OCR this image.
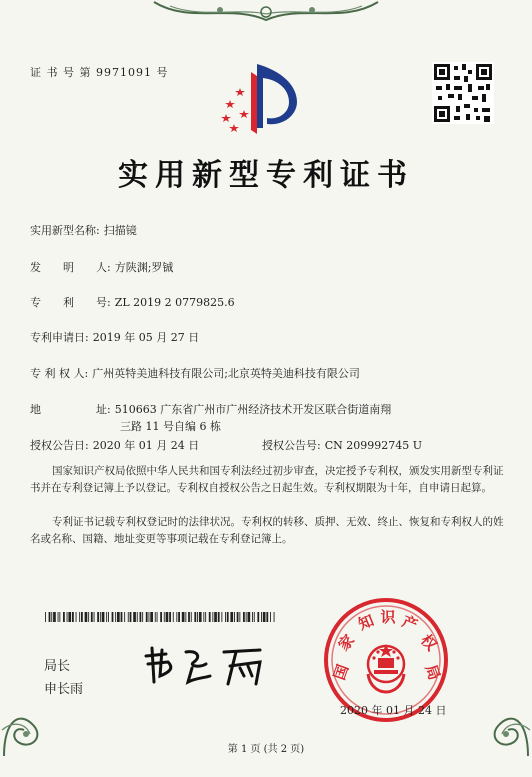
证 书 号 第 9971091 号
实用新型专利证书
实用新型名称: 扫描镜
发　　明　　人: 方陕渊;罗铖
专　　利　　号: ZL 2019 2 0779825.6
专利申请日: 2019 年 05 月 27 日
专 利 权 人: 广州英特美迪科技有限公司;北京英特美迪科技有限公司
地　　　　　址: 510663 广东省广州市广州经济技术开发区联合街道南翔
三路 11 号自编 6 栋
授权公告日: 2020 年 01 月 24 日	授权公告号: CN 209992745 U
国家知识产权局依照中华人民共和国专利法经过初步审查，决定授予专利权，颁发实用新型专利证书并在专利登记簿上予以登记。专利权自授权公告之日起生效。专利权期限为十年，自申请日起算。
专利证书记载专利权登记时的法律状况。专利权的转移、质押、无效、终止、恢复和专利权人的姓名或名称、国籍、地址变更等事项记载在专利登记簿上。
局长
申长雨
国
家
知 识 产
权
局
2020 年 01 月 24 日
第 1 页 (共 2 页)
